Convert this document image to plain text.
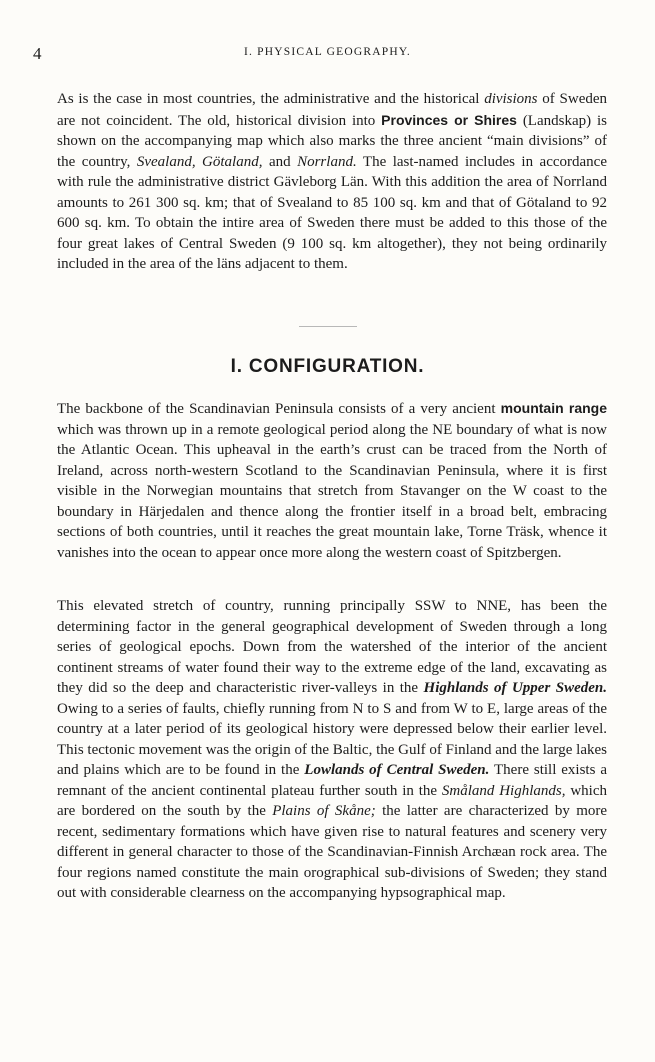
4	I. PHYSICAL GEOGRAPHY.

As is the case in most countries, the administrative and the historical divisions of Sweden are not coincident. The old, historical division into Provinces or Shires (Landskap) is shown on the accompanying map which also marks the three ancient “main divisions” of the country, Svealand, Götaland, and Norrland. The last-named includes in accordance with rule the administrative district Gävleborg Län. With this addition the area of Norrland amounts to 261 300 sq. km; that of Svealand to 85 100 sq. km and that of Götaland to 92 600 sq. km. To obtain the intire area of Sweden there must be added to this those of the four great lakes of Central Sweden (9 100 sq. km altogether), they not being ordinarily included in the area of the läns adjacent to them.

I. CONFIGURATION.

The backbone of the Scandinavian Peninsula consists of a very ancient mountain range which was thrown up in a remote geological period along the NE boundary of what is now the Atlantic Ocean. This upheaval in the earth’s crust can be traced from the North of Ireland, across north-western Scotland to the Scandinavian Peninsula, where it is first visible in the Norwegian mountains that stretch from Stavanger on the W coast to the boundary in Härjedalen and thence along the frontier itself in a broad belt, embracing sections of both countries, until it reaches the great mountain lake, Torne Träsk, whence it vanishes into the ocean to appear once more along the western coast of Spitzbergen.

This elevated stretch of country, running principally SSW to NNE, has been the determining factor in the general geographical development of Sweden through a long series of geological epochs. Down from the watershed of the interior of the ancient continent streams of water found their way to the extreme edge of the land, excavating as they did so the deep and characteristic river-valleys in the Highlands of Upper Sweden. Owing to a series of faults, chiefly running from N to S and from W to E, large areas of the country at a later period of its geological history were depressed below their earlier level. This tectonic movement was the origin of the Baltic, the Gulf of Finland and the large lakes and plains which are to be found in the Lowlands of Central Sweden. There still exists a remnant of the ancient continental plateau further south in the Småland Highlands, which are bordered on the south by the Plains of Skåne; the latter are characterized by more recent, sedimentary formations which have given rise to natural features and scenery very different in general character to those of the Scandinavian-Finnish Archæan rock area. The four regions named constitute the main orographical sub-divisions of Sweden; they stand out with considerable clearness on the accompanying hypsographical map.
